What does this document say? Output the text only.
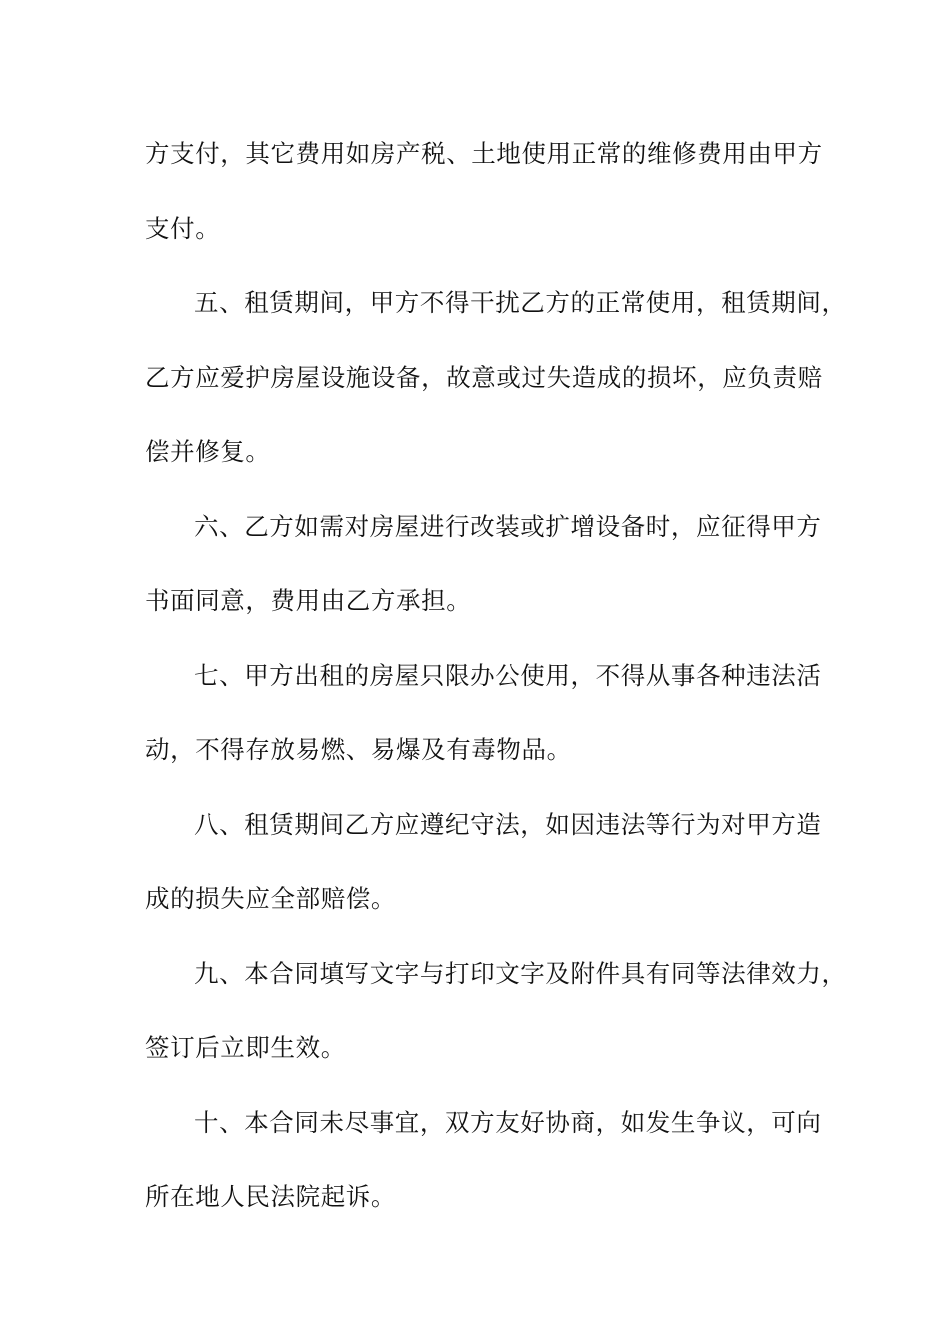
方支付，其它费用如房产税、土地使用正常的维修费用由甲方
支付。
五、租赁期间，甲方不得干扰乙方的正常使用，租赁期间，
乙方应爱护房屋设施设备，故意或过失造成的损坏，应负责赔
偿并修复。
六、乙方如需对房屋进行改装或扩增设备时，应征得甲方
书面同意，费用由乙方承担。
七、甲方出租的房屋只限办公使用，不得从事各种违法活
动，不得存放易燃、易爆及有毒物品。
八、租赁期间乙方应遵纪守法，如因违法等行为对甲方造
成的损失应全部赔偿。
九、本合同填写文字与打印文字及附件具有同等法律效力，
签订后立即生效。
十、本合同未尽事宜，双方友好协商，如发生争议，可向
所在地人民法院起诉。
